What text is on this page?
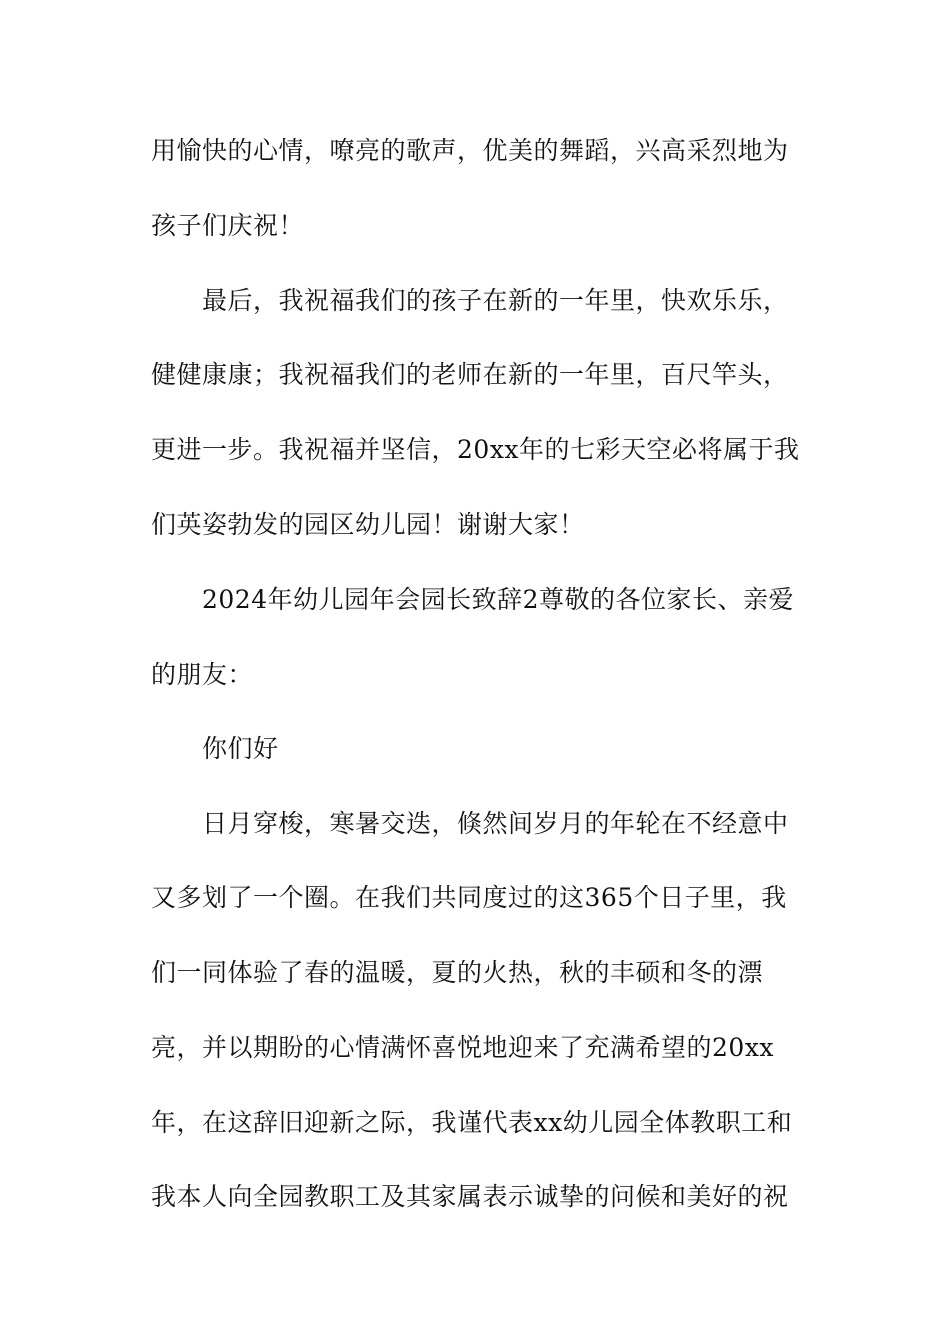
用愉快的心情，嘹亮的歌声，优美的舞蹈，兴高采烈地为
孩子们庆祝！
最后，我祝福我们的孩子在新的一年里，快欢乐乐，
健健康康；我祝福我们的老师在新的一年里，百尺竿头，
更进一步。我祝福并坚信，20xx年的七彩天空必将属于我
们英姿勃发的园区幼儿园！谢谢大家！
2024年幼儿园年会园长致辞2尊敬的各位家长、亲爱
的朋友：
你们好
日月穿梭，寒暑交迭，倏然间岁月的年轮在不经意中
又多划了一个圈。在我们共同度过的这365个日子里，我
们一同体验了春的温暖，夏的火热，秋的丰硕和冬的漂
亮，并以期盼的心情满怀喜悦地迎来了充满希望的20xx
年，在这辞旧迎新之际，我谨代表xx幼儿园全体教职工和
我本人向全园教职工及其家属表示诚挚的问候和美好的祝
